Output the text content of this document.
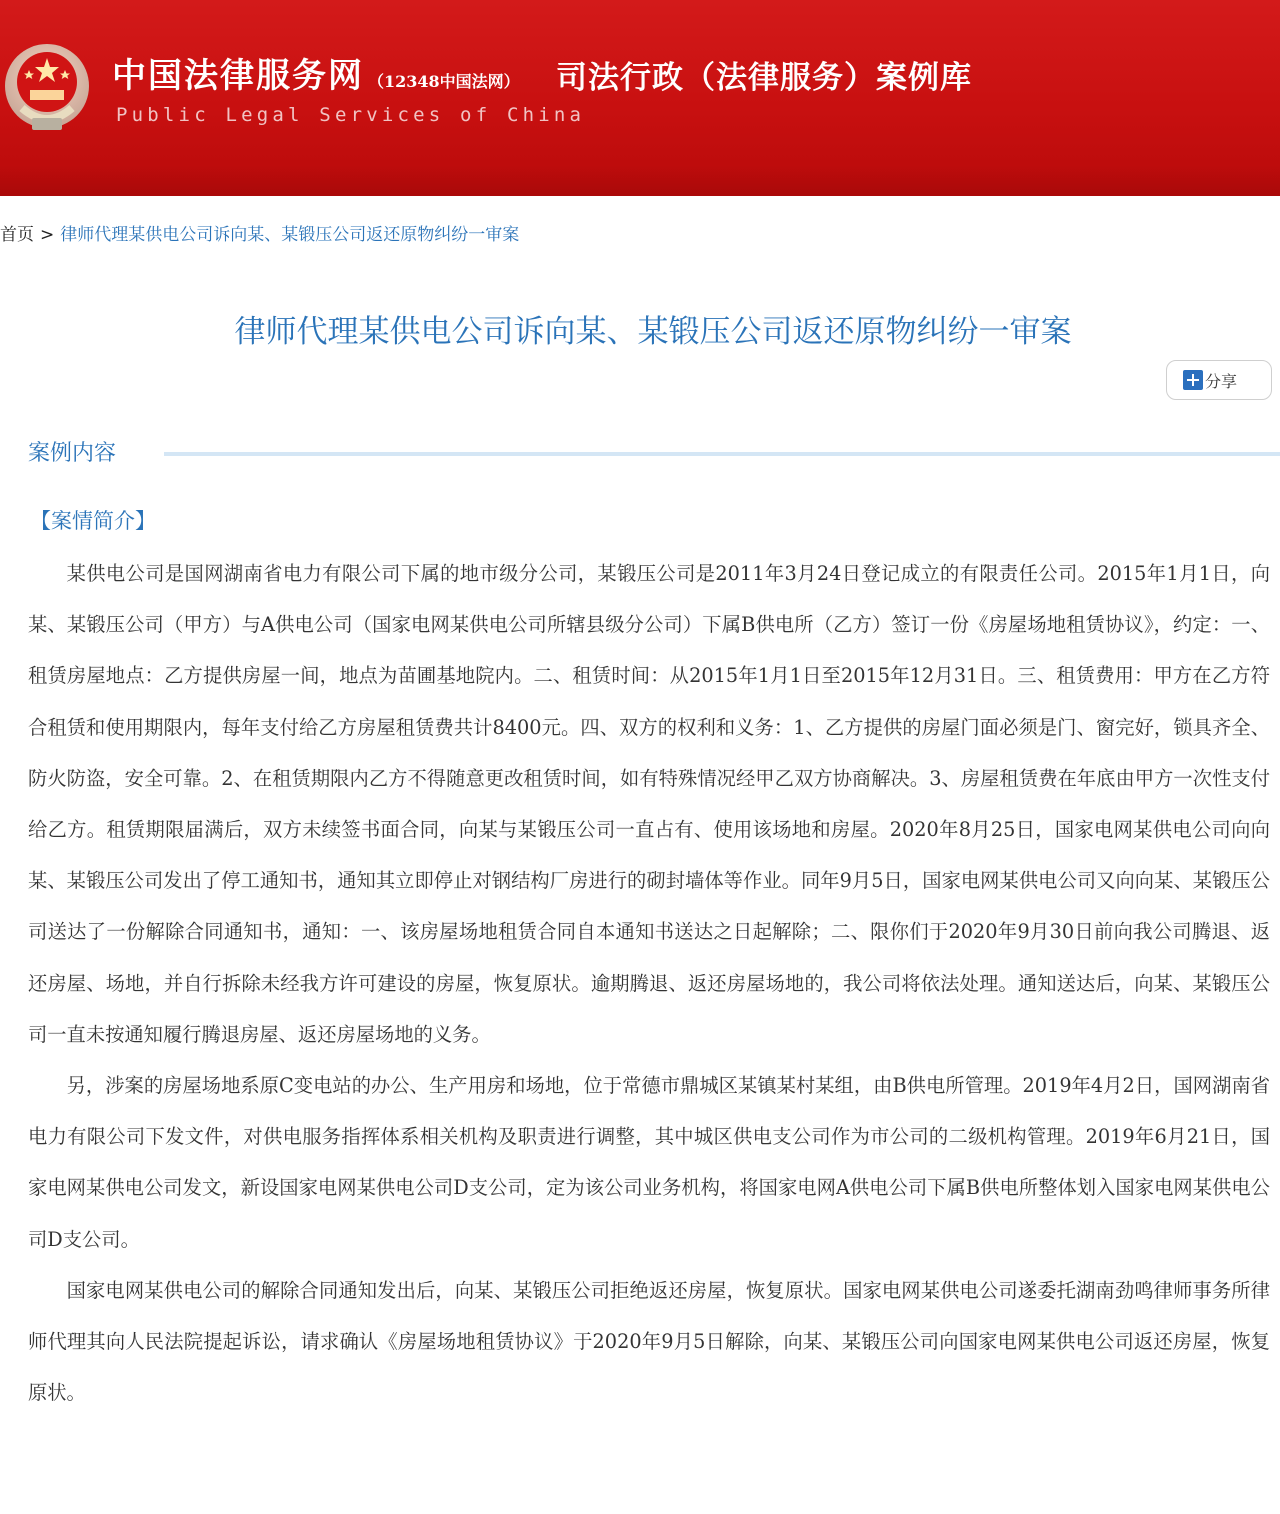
中国法律服务网 （12348中国法网）
Public Legal Services of China
司法行政（法律服务）案例库
首页 > 律师代理某供电公司诉向某、某锻压公司返还原物纠纷一审案
律师代理某供电公司诉向某、某锻压公司返还原物纠纷一审案
分享
案例内容
【案情简介】

某供电公司是国网湖南省电力有限公司下属的地市级分公司，某锻压公司是2011年3月24日登记成立的有限责任公司。2015年1月1日，向某、某锻压公司（甲方）与A供电公司（国家电网某供电公司所辖县级分公司）下属B供电所（乙方）签订一份《房屋场地租赁协议》，约定：一、租赁房屋地点：乙方提供房屋一间，地点为苗圃基地院内。二、租赁时间：从2015年1月1日至2015年12月31日。三、租赁费用：甲方在乙方符合租赁和使用期限内，每年支付给乙方房屋租赁费共计8400元。四、双方的权利和义务：1、乙方提供的房屋门面必须是门、窗完好，锁具齐全、防火防盗，安全可靠。2、在租赁期限内乙方不得随意更改租赁时间，如有特殊情况经甲乙双方协商解决。3、房屋租赁费在年底由甲方一次性支付给乙方。租赁期限届满后，双方未续签书面合同，向某与某锻压公司一直占有、使用该场地和房屋。2020年8月25日，国家电网某供电公司向向某、某锻压公司发出了停工通知书，通知其立即停止对钢结构厂房进行的砌封墙体等作业。同年9月5日，国家电网某供电公司又向向某、某锻压公司送达了一份解除合同通知书，通知：一、该房屋场地租赁合同自本通知书送达之日起解除；二、限你们于2020年9月30日前向我公司腾退、返还房屋、场地，并自行拆除未经我方许可建设的房屋，恢复原状。逾期腾退、返还房屋场地的，我公司将依法处理。通知送达后，向某、某锻压公司一直未按通知履行腾退房屋、返还房屋场地的义务。

另，涉案的房屋场地系原C变电站的办公、生产用房和场地，位于常德市鼎城区某镇某村某组，由B供电所管理。2019年4月2日，国网湖南省电力有限公司下发文件，对供电服务指挥体系相关机构及职责进行调整，其中城区供电支公司作为市公司的二级机构管理。2019年6月21日，国家电网某供电公司发文，新设国家电网某供电公司D支公司，定为该公司业务机构，将国家电网A供电公司下属B供电所整体划入国家电网某供电公司D支公司。

国家电网某供电公司的解除合同通知发出后，向某、某锻压公司拒绝返还房屋，恢复原状。国家电网某供电公司遂委托湖南劲鸣律师事务所律师代理其向人民法院提起诉讼，请求确认《房屋场地租赁协议》于2020年9月5日解除，向某、某锻压公司向国家电网某供电公司返还房屋，恢复原状。
